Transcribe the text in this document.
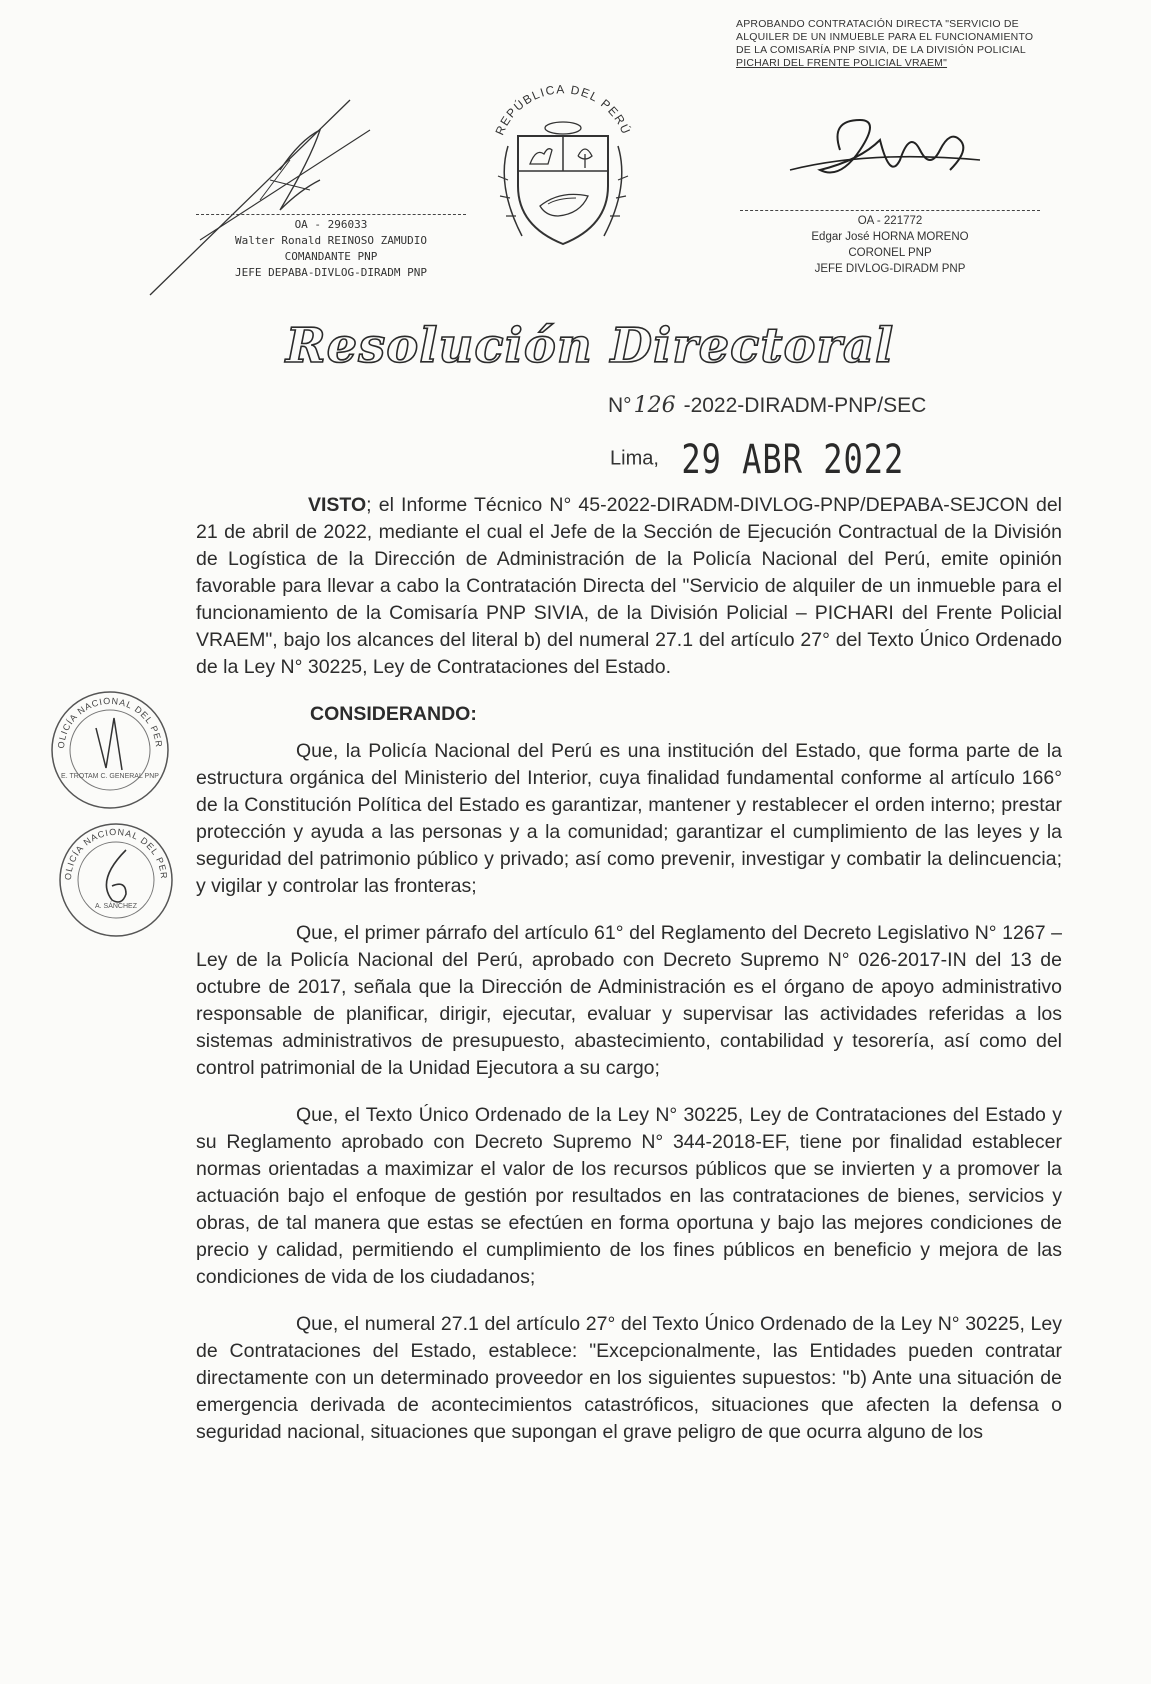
APROBANDO CONTRATACIÓN DIRECTA "SERVICIO DE
ALQUILER DE UN INMUEBLE PARA EL FUNCIONAMIENTO
DE LA COMISARÍA PNP SIVIA, DE LA DIVISIÓN POLICIAL
PICHARI DEL FRENTE POLICIAL VRAEM"
REPÚBLICA DEL PERÚ
OA - 296033
Walter Ronald REINOSO ZAMUDIO
COMANDANTE PNP
JEFE DEPABA-DIVLOG-DIRADM PNP
OA - 221772
Edgar José HORNA MORENO
CORONEL PNP
JEFE DIVLOG-DIRADM PNP
Resolución Directoral
N°126 -2022-DIRADM-PNP/SEC
Lima, 29 ABR 2022
OLICÍA NACIONAL DEL PER
E. TROTAM C. GENERAL PNP
OLICÍA NACIONAL DEL PER
A. SÁNCHEZ

VISTO; el Informe Técnico N° 45-2022-DIRADM-DIVLOG-PNP/DEPABA-SEJCON del 21 de abril de 2022, mediante el cual el Jefe de la Sección de Ejecución Contractual de la División de Logística de la Dirección de Administración de la Policía Nacional del Perú, emite opinión favorable para llevar a cabo la Contratación Directa del "Servicio de alquiler de un inmueble para el funcionamiento de la Comisaría PNP SIVIA, de la División Policial – PICHARI del Frente Policial VRAEM", bajo los alcances del literal b) del numeral 27.1 del artículo 27° del Texto Único Ordenado de la Ley N° 30225, Ley de Contrataciones del Estado.

CONSIDERANDO:

Que, la Policía Nacional del Perú es una institución del Estado, que forma parte de la estructura orgánica del Ministerio del Interior, cuya finalidad fundamental conforme al artículo 166° de la Constitución Política del Estado es garantizar, mantener y restablecer el orden interno; prestar protección y ayuda a las personas y a la comunidad; garantizar el cumplimiento de las leyes y la seguridad del patrimonio público y privado; así como prevenir, investigar y combatir la delincuencia; y vigilar y controlar las fronteras;

Que, el primer párrafo del artículo 61° del Reglamento del Decreto Legislativo N° 1267 – Ley de la Policía Nacional del Perú, aprobado con Decreto Supremo N° 026-2017-IN del 13 de octubre de 2017, señala que la Dirección de Administración es el órgano de apoyo administrativo responsable de planificar, dirigir, ejecutar, evaluar y supervisar las actividades referidas a los sistemas administrativos de presupuesto, abastecimiento, contabilidad y tesorería, así como del control patrimonial de la Unidad Ejecutora a su cargo;

Que, el Texto Único Ordenado de la Ley N° 30225, Ley de Contrataciones del Estado y su Reglamento aprobado con Decreto Supremo N° 344-2018-EF, tiene por finalidad establecer normas orientadas a maximizar el valor de los recursos públicos que se invierten y a promover la actuación bajo el enfoque de gestión por resultados en las contrataciones de bienes, servicios y obras, de tal manera que estas se efectúen en forma oportuna y bajo las mejores condiciones de precio y calidad, permitiendo el cumplimiento de los fines públicos en beneficio y mejora de las condiciones de vida de los ciudadanos;

Que, el numeral 27.1 del artículo 27° del Texto Único Ordenado de la Ley N° 30225, Ley de Contrataciones del Estado, establece: "Excepcionalmente, las Entidades pueden contratar directamente con un determinado proveedor en los siguientes supuestos: "b) Ante una situación de emergencia derivada de acontecimientos catastróficos, situaciones que afecten la defensa o seguridad nacional, situaciones que supongan el grave peligro de que ocurra alguno de los
